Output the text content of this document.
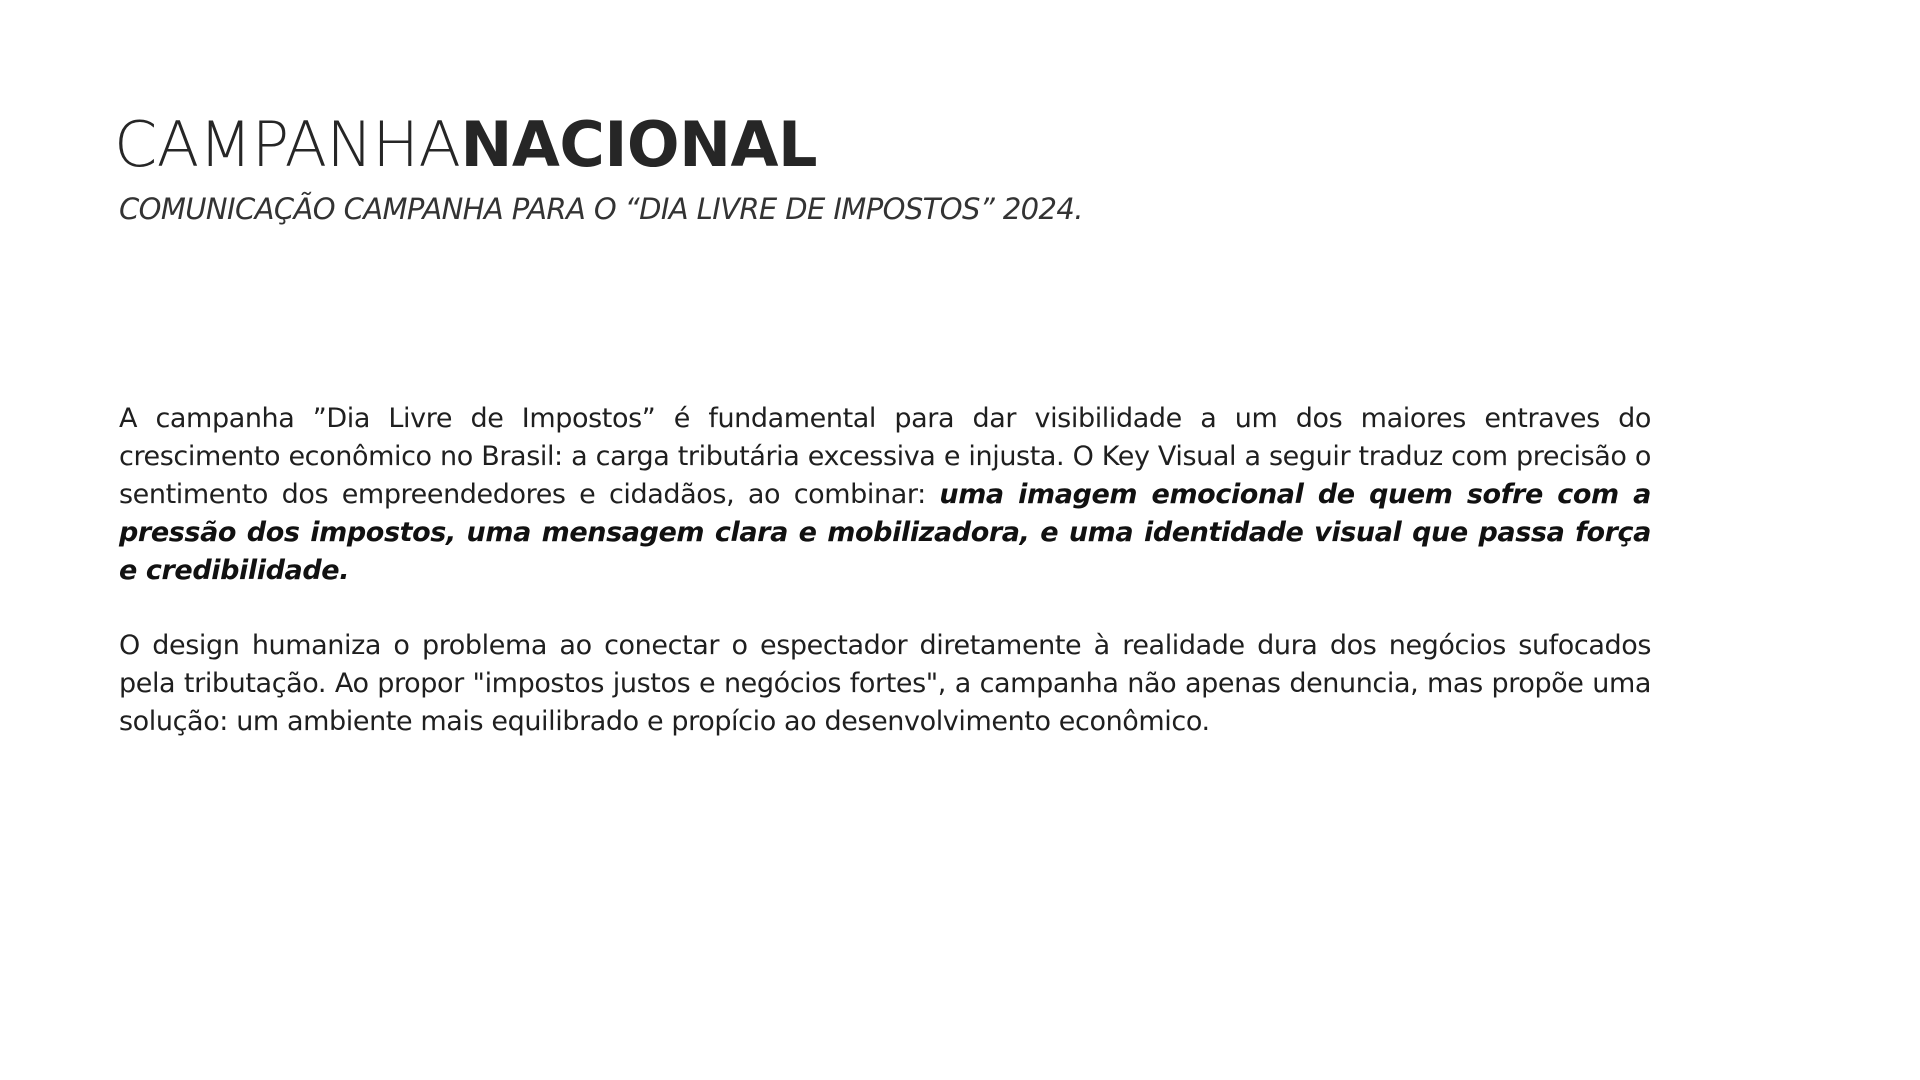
CAMPANHANACIONAL
COMUNICAÇÃO CAMPANHA PARA O “DIA LIVRE DE IMPOSTOS” 2024.

A campanha ”Dia Livre de Impostos” é fundamental para dar visibilidade a um dos maiores entraves do crescimento econômico no Brasil: a carga tributária excessiva e injusta. O Key Visual a seguir traduz com precisão o sentimento dos empreendedores e cidadãos, ao combinar: uma imagem emocional de quem sofre com a pressão dos impostos, uma mensagem clara e mobilizadora, e uma identidade visual que passa força e credibilidade.

O design humaniza o problema ao conectar o espectador diretamente à realidade dura dos negócios sufocados pela tributação. Ao propor "impostos justos e negócios fortes", a campanha não apenas denuncia, mas propõe uma solução: um ambiente mais equilibrado e propício ao desenvolvimento econômico.
